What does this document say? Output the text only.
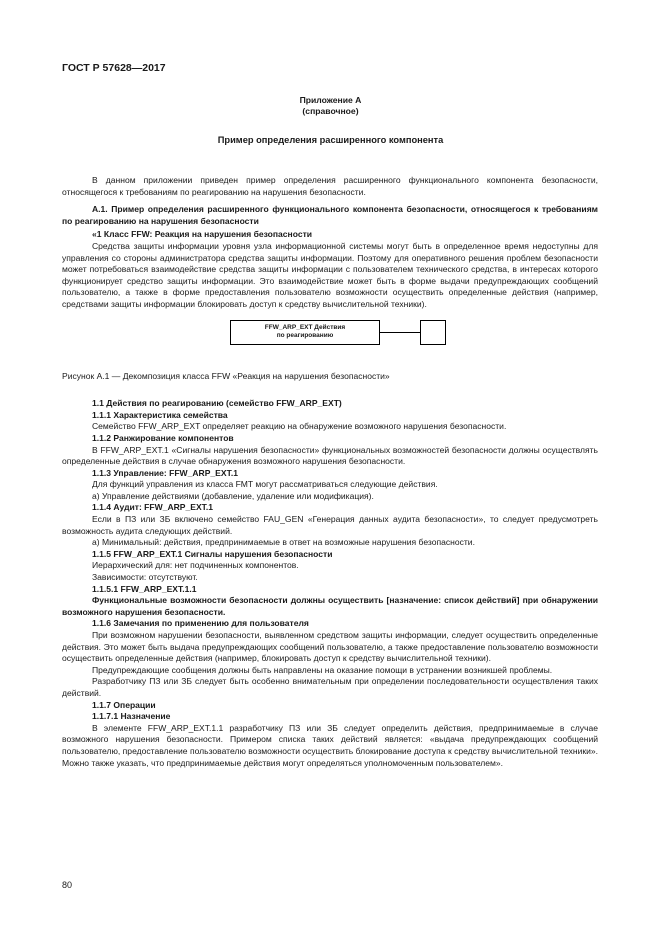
ГОСТ Р 57628—2017
Приложение А
(справочное)
Пример определения расширенного компонента

В данном приложении приведен пример определения расширенного функционального компонента безопасности, относящегося к требованиям по реагированию на нарушения безопасности.

А.1. Пример определения расширенного функционального компонента безопасности, относящегося к требованиям по реагированию на нарушения безопасности

«1 Класс FFW: Реакция на нарушения безопасности

Средства защиты информации уровня узла информационной системы могут быть в определенное время недоступны для управления со стороны администратора средства защиты информации. Поэтому для оперативного решения проблем безопасности может потребоваться взаимодействие средства защиты информации с пользователем технического средства, в интересах которого функционирует средство защиты информации. Это взаимодействие может быть в форме выдачи предупреждающих сообщений пользователю, а также в форме предоставления пользователю возможности осуществить определенные действия (например, средствами защиты информации блокировать доступ к средству вычислительной техники).

FFW_ARP_EXT Действия
по реагированию

Рисунок А.1 — Декомпозиция класса FFW «Реакция на нарушения безопасности»

1.1 Действия по реагированию (семейство FFW_ARP_EXT)

1.1.1 Характеристика семейства

Семейство FFW_ARP_EXT определяет реакцию на обнаружение возможного нарушения безопасности.

1.1.2 Ранжирование компонентов

В FFW_ARP_EXT.1 «Сигналы нарушения безопасности» функциональных возможностей безопасности должны осуществлять определенные действия в случае обнаружения возможного нарушения безопасности.

1.1.3 Управление: FFW_ARP_EXT.1

Для функций управления из класса FMT могут рассматриваться следующие действия.

а) Управление действиями (добавление, удаление или модификация).

1.1.4 Аудит: FFW_ARP_EXT.1

Если в ПЗ или ЗБ включено семейство FAU_GEN «Генерация данных аудита безопасности», то следует предусмотреть возможность аудита следующих действий.

а) Минимальный: действия, предпринимаемые в ответ на возможные нарушения безопасности.

1.1.5 FFW_ARP_EXT.1 Сигналы нарушения безопасности

Иерархический для: нет подчиненных компонентов.

Зависимости: отсутствуют.

1.1.5.1 FFW_ARP_EXT.1.1

Функциональные возможности безопасности должны осуществить [назначение: список действий] при обнаружении возможного нарушения безопасности.

1.1.6 Замечания по применению для пользователя

При возможном нарушении безопасности, выявленном средством защиты информации, следует осуществить определенные действия. Это может быть выдача предупреждающих сообщений пользователю, а также предоставление пользователю возможности осуществить определенные действия (например, блокировать доступ к средству вычислительной техники).

Предупреждающие сообщения должны быть направлены на оказание помощи в устранении возникшей проблемы.

Разработчику ПЗ или ЗБ следует быть особенно внимательным при определении последовательности осуществления таких действий.

1.1.7 Операции

1.1.7.1 Назначение

В элементе FFW_ARP_EXT.1.1 разработчику ПЗ или ЗБ следует определить действия, предпринимаемые в случае возможного нарушения безопасности. Примером списка таких действий является: «выдача предупреждающих сообщений пользователю, предоставление пользователю возможности осуществить блокирование доступа к средству вычислительной техники». Можно также указать, что предпринимаемые действия могут определяться уполномоченным пользователем».

80
